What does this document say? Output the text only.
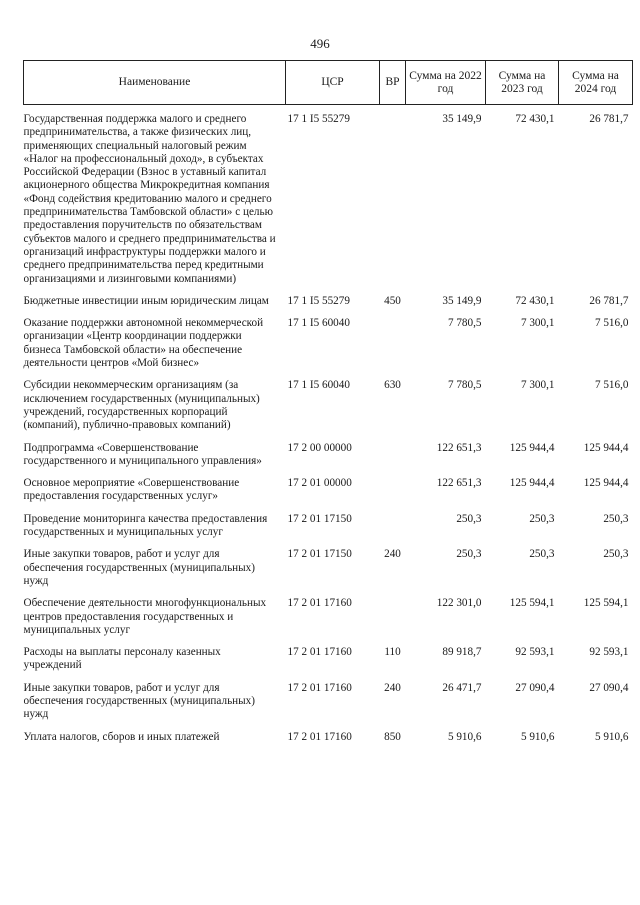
496
Наименование	ЦСР	ВР	Сумма на 2022 год	Сумма на 2023 год	Сумма на 2024 год
Государственная поддержка малого и среднего предпринимательства, а также физических лиц, применяющих специальный налоговый режим «Налог на профессиональный доход», в субъектах Российской Федерации (Взнос в уставный капитал акционерного общества Микрокредитная компания «Фонд содействия кредитованию малого и среднего предпринимательства Тамбовской области» с целью предоставления поручительств по обязательствам субъектов малого и среднего предпринимательства и организаций инфраструктуры поддержки малого и среднего предпринимательства перед кредитными организациями и лизинговыми компаниями)	17 1 I5 55279		35 149,9	72 430,1	26 781,7
Бюджетные инвестиции иным юридическим лицам	17 1 I5 55279	450	35 149,9	72 430,1	26 781,7
Оказание поддержки автономной некоммерческой организации «Центр координации поддержки бизнеса Тамбовской области» на обеспечение деятельности центров «Мой бизнес»	17 1 I5 60040		7 780,5	7 300,1	7 516,0
Субсидии некоммерческим организациям (за исключением государственных (муниципальных) учреждений, государственных корпораций (компаний), публично-правовых компаний)	17 1 I5 60040	630	7 780,5	7 300,1	7 516,0
Подпрограмма «Совершенствование государственного и муниципального управления»	17 2 00 00000		122 651,3	125 944,4	125 944,4
Основное мероприятие «Совершенствование предоставления государственных услуг»	17 2 01 00000		122 651,3	125 944,4	125 944,4
Проведение мониторинга качества предоставления государственных и муниципальных услуг	17 2 01 17150		250,3	250,3	250,3
Иные закупки товаров, работ и услуг для обеспечения государственных (муниципальных) нужд	17 2 01 17150	240	250,3	250,3	250,3
Обеспечение деятельности многофункциональных центров предоставления государственных и муниципальных услуг	17 2 01 17160		122 301,0	125 594,1	125 594,1
Расходы на выплаты персоналу казенных учреждений	17 2 01 17160	110	89 918,7	92 593,1	92 593,1
Иные закупки товаров, работ и услуг для обеспечения государственных (муниципальных) нужд	17 2 01 17160	240	26 471,7	27 090,4	27 090,4
Уплата налогов, сборов и иных платежей	17 2 01 17160	850	5 910,6	5 910,6	5 910,6
